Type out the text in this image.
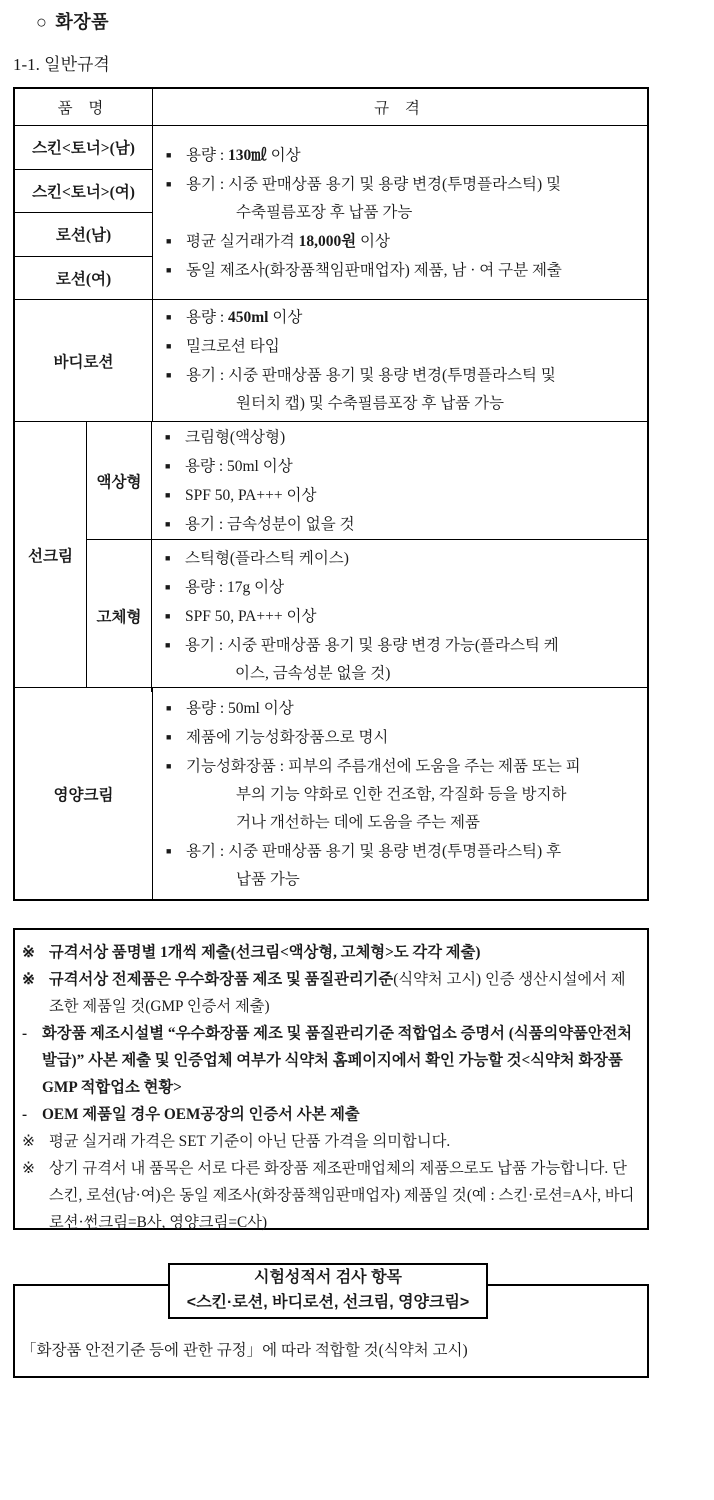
○ 화장품
1-1. 일반규격
품 명	규 격
스킨<토너>(남)
스킨<토너>(여)
로션(남)
로션(여)
■ 용량 : 130㎖ 이상
■ 용기 : 시중 판매상품 용기 및 용량 변경(투명플라스틱) 및
수축필름포장 후 납품 가능
■ 평균 실거래가격 18,000원 이상
■ 동일 제조사(화장품책임판매업자) 제품, 남 · 여 구분 제출
바디로션
■ 용량 : 450ml 이상
■ 밀크로션 타입
■ 용기 : 시중 판매상품 용기 및 용량 변경(투명플라스틱 및
원터치 캡) 및 수축필름포장 후 납품 가능
선크림
액상형
■ 크림형(액상형)
■ 용량 : 50ml 이상
■ SPF 50, PA+++ 이상
■ 용기 : 금속성분이 없을 것
고체형
■ 스틱형(플라스틱 케이스)
■ 용량 : 17g 이상
■ SPF 50, PA+++ 이상
■ 용기 : 시중 판매상품 용기 및 용량 변경 가능(플라스틱 케
이스, 금속성분 없을 것)
영양크림
■ 용량 : 50ml 이상
■ 제품에 기능성화장품으로 명시
■ 기능성화장품 : 피부의 주름개선에 도움을 주는 제품 또는 피
부의 기능 약화로 인한 건조함, 각질화 등을 방지하
거나 개선하는 데에 도움을 주는 제품
■ 용기 : 시중 판매상품 용기 및 용량 변경(투명플라스틱) 후
납품 가능
※ 규격서상 품명별 1개씩 제출(선크림<액상형, 고체형>도 각각 제출)
※ 규격서상 전제품은 우수화장품 제조 및 품질관리기준(식약처 고시) 인증 생산시설에서 제조한 제품일 것(GMP 인증서 제출)
- 화장품 제조시설별 “우수화장품 제조 및 품질관리기준 적합업소 증명서 (식품의약품안전처 발급)” 사본 제출 및 인증업체 여부가 식약처 홈페이지에서 확인 가능할 것<식약처 화장품 GMP 적합업소 현황>
- OEM 제품일 경우 OEM공장의 인증서 사본 제출
※ 평균 실거래 가격은 SET 기준이 아닌 단품 가격을 의미합니다.
※ 상기 규격서 내 품목은 서로 다른 화장품 제조판매업체의 제품으로도 납품 가능합니다. 단 스킨, 로션(남·여)은 동일 제조사(화장품책임판매업자) 제품일 것(예 : 스킨·로션=A사, 바디로션·썬크림=B사, 영양크림=C사)
「화장품 안전기준 등에 관한 규정」에 따라 적합할 것(식약처 고시)
시험성적서 검사 항목
<스킨·로션, 바디로션, 선크림, 영양크림>
